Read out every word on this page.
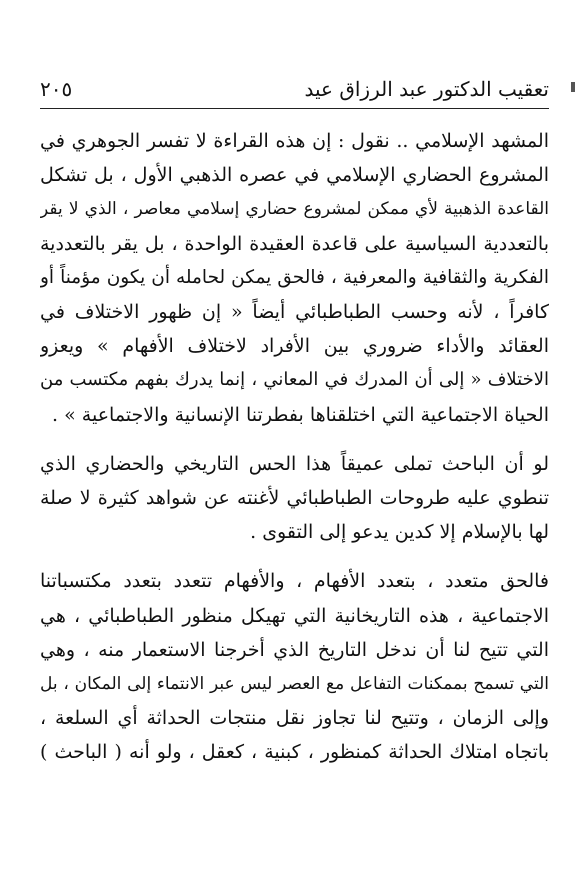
تعقيب الدكتور عبد الرزاق عيد
٢٠٥

المشهد الإسلامي .. نقول : إن هذه القراءة لا تفسر الجوهري في
المشروع الحضاري الإسلامي في عصره الذهبي الأول ، بل تشكل
القاعدة الذهبية لأي ممكن لمشروع حضاري إسلامي معاصر ، الذي لا يقر
بالتعددية السياسية على قاعدة العقيدة الواحدة ، بل يقر بالتعددية
الفكرية والثقافية والمعرفية ، فالحق يمكن لحامله أن يكون مؤمناً أو
كافراً ، لأنه وحسب الطباطبائي أيضاً « إن ظهور الاختلاف في
العقائد والأداء ضروري بين الأفراد لاختلاف الأفهام » ويعزو
الاختلاف « إلى أن المدرك في المعاني ، إنما يدرك بفهم مكتسب من
الحياة الاجتماعية التي اختلقناها بفطرتنا الإنسانية والاجتماعية » .

لو أن الباحث تملى عميقاً هذا الحس التاريخي والحضاري الذي
تنطوي عليه طروحات الطباطبائي لأغنته عن شواهد كثيرة لا صلة
لها بالإسلام إلا كدين يدعو إلى التقوى .

فالحق متعدد ، بتعدد الأفهام ، والأفهام تتعدد بتعدد مكتسباتنا
الاجتماعية ، هذه التاريخانية التي تهيكل منظور الطباطبائي ، هي
التي تتيح لنا أن ندخل التاريخ الذي أخرجنا الاستعمار منه ، وهي
التي تسمح بممكنات التفاعل مع العصر ليس عبر الانتماء إلى المكان ، بل
وإلى الزمان ، وتتيح لنا تجاوز نقل منتجات الحداثة أي السلعة ،
باتجاه امتلاك الحداثة كمنظور ، كبنية ، كعقل ، ولو أنه ( الباحث )
